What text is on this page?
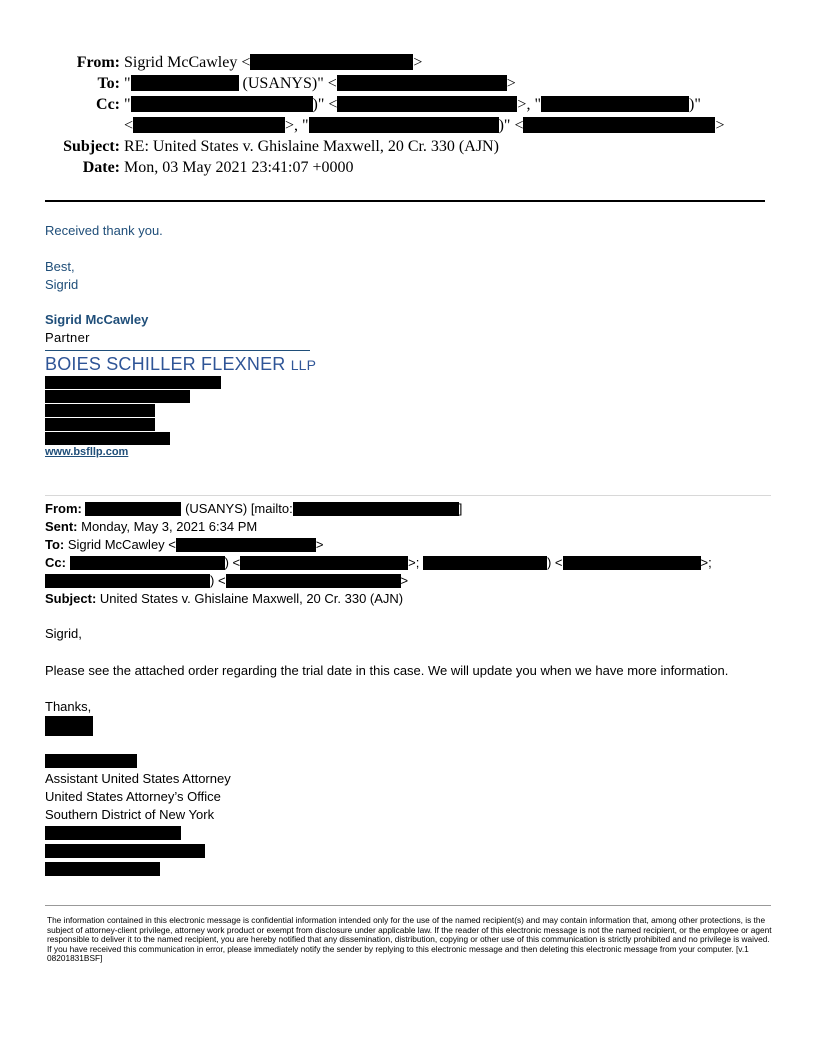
From: Sigrid McCawley <	>
To: "	(USANYS)" <	>
Cc: "	)" <	>, "	)"
<	>, "	)" <	>
Subject: RE: United States v. Ghislaine Maxwell, 20 Cr. 330 (AJN)
Date: Mon, 03 May 2021 23:41:07 +0000
Received thank you.
Best,
Sigrid
Sigrid McCawley
Partner
BOIES SCHILLER FLEXNER LLP
www.bsfllp.com
From:	(USANYS) [mailto:	]
Sent: Monday, May 3, 2021 6:34 PM
To: Sigrid McCawley <	>
Cc:	) <	>;	) <	>;
) <	>
Subject: United States v. Ghislaine Maxwell, 20 Cr. 330 (AJN)
Sigrid,
Please see the attached order regarding the trial date in this case. We will update you when we have more information.
Thanks,
Assistant United States Attorney
United States Attorney’s Office
Southern District of New York
The information contained in this electronic message is confidential information intended only for the use of the named recipient(s) and may contain information that, among other protections, is the subject of attorney-client privilege, attorney work product or exempt from disclosure under applicable law. If the reader of this electronic message is not the named recipient, or the employee or agent responsible to deliver it to the named recipient, you are hereby notified that any dissemination, distribution, copying or other use of this communication is strictly prohibited and no privilege is waived. If you have received this communication in error, please immediately notify the sender by replying to this electronic message and then deleting this electronic message from your computer. [v.1 08201831BSF]
